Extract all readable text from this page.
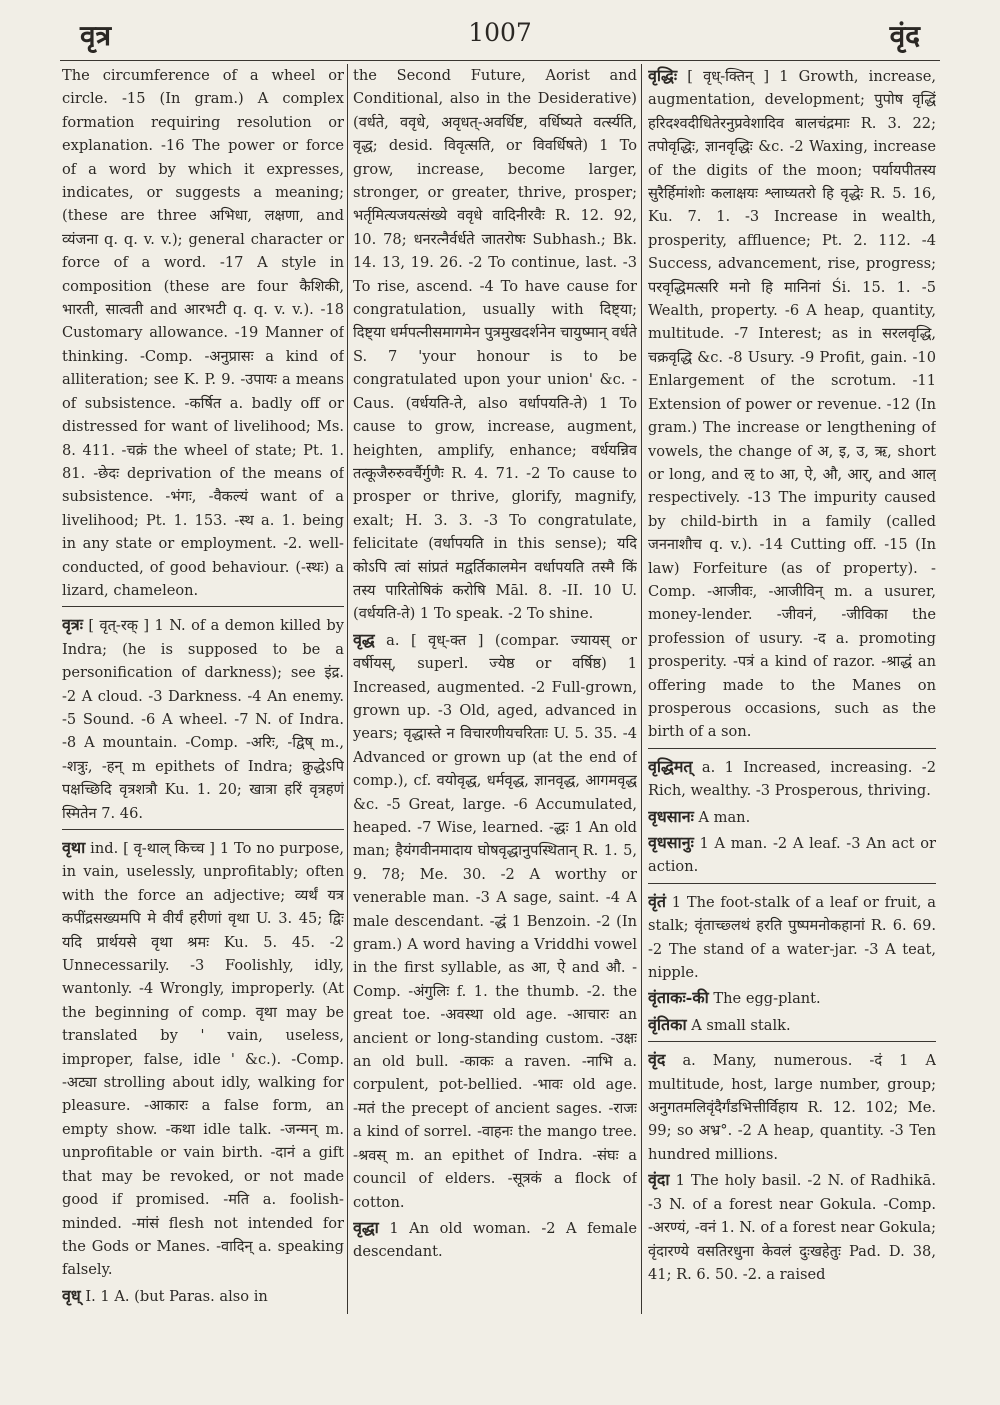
वृत्र	1007	वृंद

The circumference of a wheel or circle. -15 (In gram.) A complex formation requiring resolution or explanation. -16 The power or force of a word by which it expresses, indicates, or suggests a meaning; (these are three अभिधा, लक्षणा, and व्यंजना q. q. v. v.); general character or force of a word. -17 A style in composition (these are four कैशिकी, भारती, सात्वती and आरभटी q. q. v. v.). -18 Customary allowance. -19 Manner of thinking. -Comp. -अनुप्रासः a kind of alliteration; see K. P. 9. -उपायः a means of subsistence. -कर्षित a. badly off or distressed for want of livelihood; Ms. 8. 411. -चक्रं the wheel of state; Pt. 1. 81. -छेदः deprivation of the means of subsistence. -भंगः, -वैकल्यं want of a livelihood; Pt. 1. 153. -स्थ a. 1. being in any state or employment. -2. well-conducted, of good behaviour. (-स्थः) a lizard, chameleon.

वृत्रः [ वृत्-रक् ] 1 N. of a demon killed by Indra; (he is supposed to be a personification of darkness); see इंद्र. -2 A cloud. -3 Darkness. -4 An enemy. -5 Sound. -6 A wheel. -7 N. of Indra. -8 A mountain. -Comp. -अरिः, -द्विष् m., -शत्रुः, -हन् m epithets of Indra; क्रुद्धेऽपि पक्षच्छिदि वृत्रशत्रौ Ku. 1. 20; खात्रा हरिं वृत्रहणं स्मितेन 7. 46.

वृथा ind. [ वृ-थाल् किच्च ] 1 To no purpose, in vain, uselessly, unprofitably; often with the force an adjective; व्यर्थं यत्र कपींद्रसख्यमपि मे वीर्यं हरीणां वृथा U. 3. 45; द्विः यदि प्रार्थयसे वृथा श्रमः Ku. 5. 45. -2 Unnecessarily. -3 Foolishly, idly, wantonly. -4 Wrongly, improperly. (At the beginning of comp. वृथा may be translated by ' vain, useless, improper, false, idle ' &c.). -Comp. -अट्या strolling about idly, walking for pleasure. -आकारः a false form, an empty show. -कथा idle talk. -जन्मन् m. unprofitable or vain birth. -दानं a gift that may be revoked, or not made good if promised. -मति a. foolish-minded. -मांसं flesh not intended for the Gods or Manes. -वादिन् a. speaking falsely.

वृध् I. 1 A. (but Paras. also in

the Second Future, Aorist and Conditional, also in the Desiderative) (वर्धते, ववृधे, अवृधत्-अवर्धिष्ट, वर्धिष्यते वर्त्स्यति, वृद्ध; desid. विवृत्सति, or विवर्धिषते) 1 To grow, increase, become larger, stronger, or greater, thrive, prosper; भर्तृमित्यजयत्संख्ये ववृधे वादिनीरवैः R. 12. 92, 10. 78; धनरत्नैर्वर्धते जातरोषः Subhash.; Bk. 14. 13, 19. 26. -2 To continue, last. -3 To rise, ascend. -4 To have cause for congratulation, usually with दिष्ट्या; दिष्ट्या धर्मपत्नीसमागमेन पुत्रमुखदर्शनेन चायुष्मान् वर्धते S. 7 'your honour is to be congratulated upon your union' &c. -Caus. (वर्धयति-ते, also वर्धापयति-ते) 1 To cause to grow, increase, augment, heighten, amplify, enhance; वर्धयन्निव तत्कूजैरुरुवर्चैर्गुणैः R. 4. 71. -2 To cause to prosper or thrive, glorify, magnify, exalt; H. 3. 3. -3 To congratulate, felicitate (वर्धापयति in this sense); यदि कोऽपि त्वां सांप्रतं मद्वर्तिकालमेन वर्धापयति तस्मै किं तस्य पारितोषिकं करोषि Māl. 8. -II. 10 U. (वर्धयति-ते) 1 To speak. -2 To shine.

वृद्ध a. [ वृध्-क्त ] (compar. ज्यायस् or वर्षीयस्, superl. ज्येष्ठ or वर्षिष्ठ) 1 Increased, augmented. -2 Full-grown, grown up. -3 Old, aged, advanced in years; वृद्धास्ते न विचारणीयचरिताः U. 5. 35. -4 Advanced or grown up (at the end of comp.), cf. वयोवृद्ध, धर्मवृद्ध, ज्ञानवृद्ध, आगमवृद्ध &c. -5 Great, large. -6 Accumulated, heaped. -7 Wise, learned. -द्धः 1 An old man; हैयंगवीनमादाय घोषवृद्धानुपस्थितान् R. 1. 5, 9. 78; Me. 30. -2 A worthy or venerable man. -3 A sage, saint. -4 A male descendant. -द्धं 1 Benzoin. -2 (In gram.) A word having a Vriddhi vowel in the first syllable, as आ, ऐ and औ. -Comp. -अंगुलिः f. 1. the thumb. -2. the great toe. -अवस्था old age. -आचारः an ancient or long-standing custom. -उक्षः an old bull. -काकः a raven. -नाभि a. corpulent, pot-bellied. -भावः old age. -मतं the precept of ancient sages. -राजः a kind of sorrel. -वाहनः the mango tree. -श्रवस् m. an epithet of Indra. -संघः a council of elders. -सूत्रकं a flock of cotton.

वृद्धा 1 An old woman. -2 A female descendant.

वृद्धिः [ वृध्-क्तिन् ] 1 Growth, increase, augmentation, development; पुपोष वृद्धिं हरिदश्वदीधितेरनुप्रवेशादिव बालचंद्रमाः R. 3. 22; तपोवृद्धिः, ज्ञानवृद्धिः &c. -2 Waxing, increase of the digits of the moon; पर्यायपीतस्य सुरैर्हिमांशोः कलाक्षयः श्लाघ्यतरो हि वृद्धेः R. 5. 16, Ku. 7. 1. -3 Increase in wealth, prosperity, affluence; Pt. 2. 112. -4 Success, advancement, rise, progress; परवृद्धिमत्सरि मनो हि मानिनां Śi. 15. 1. -5 Wealth, property. -6 A heap, quantity, multitude. -7 Interest; as in सरलवृद्धि, चक्रवृद्धि &c. -8 Usury. -9 Profit, gain. -10 Enlargement of the scrotum. -11 Extension of power or revenue. -12 (In gram.) The increase or lengthening of vowels, the change of अ, इ, उ, ऋ, short or long, and ऌ to आ, ऐ, औ, आर्, and आल् respectively. -13 The impurity caused by child-birth in a family (called जननाशौच q. v.). -14 Cutting off. -15 (In law) Forfeiture (as of property). -Comp. -आजीवः, -आजीविन् m. a usurer, money-lender. -जीवनं, -जीविका the profession of usury. -द a. promoting prosperity. -पत्रं a kind of razor. -श्राद्धं an offering made to the Manes on prosperous occasions, such as the birth of a son.

वृद्धिमत् a. 1 Increased, increasing. -2 Rich, wealthy. -3 Prosperous, thriving.

वृधसानः A man.

वृधसानुः 1 A man. -2 A leaf. -3 An act or action.

वृंतं 1 The foot-stalk of a leaf or fruit, a stalk; वृंताच्छ्लथं हरति पुष्पमनोकहानां R. 6. 69. -2 The stand of a water-jar. -3 A teat, nipple.

वृंताकः-की The egg-plant.

वृंतिका A small stalk.

वृंद a. Many, numerous. -दं 1 A multitude, host, large number, group; अनुगतमलिवृंदैर्गंडभित्तीर्विहाय R. 12. 102; Me. 99; so अभ्र°. -2 A heap, quantity. -3 Ten hundred millions.

वृंदा 1 The holy basil. -2 N. of Radhikā. -3 N. of a forest near Gokula. -Comp. -अरण्यं, -वनं 1. N. of a forest near Gokula; वृंदारण्ये वसतिरधुना केवलं दुःखहेतुः Pad. D. 38, 41; R. 6. 50. -2. a raised
